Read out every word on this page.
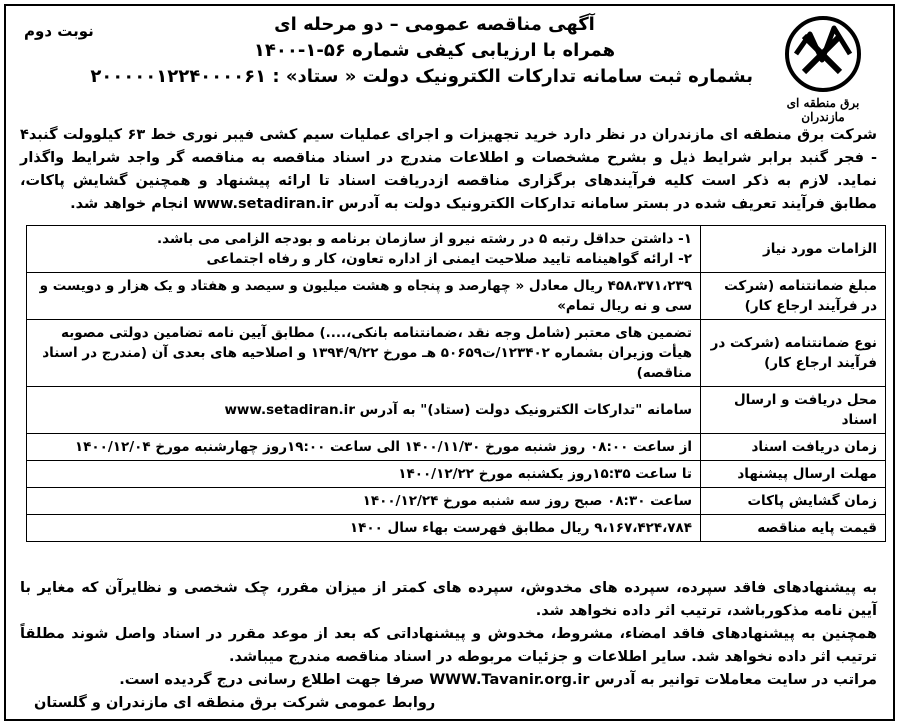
برق منطقه ای مازندران
نوبت دوم	آگهی مناقصه عمومی – دو مرحله ای
همراه با ارزیابی کیفی شماره ۵۶-۱-۱۴۰۰
بشماره ثبت سامانه تدارکات الکترونیک دولت « ستاد» : ۲۰۰۰۰۰۱۲۲۴۰۰۰۰۶۱
شرکت برق منطقه ای مازندران در نظر دارد خرید تجهیزات و اجرای عملیات سیم کشی فیبر نوری خط ۶۳ کیلوولت گنبد۴ - فجر گنبد برابر شرایط ذیل و بشرح مشخصات و اطلاعات مندرج در اسناد مناقصه به مناقصه گر واجد شرایط واگذار نماید. لازم به ذکر است کلیه فرآیندهای برگزاری مناقصه ازدریافت اسناد تا ارائه پیشنهاد و همچنین گشایش پاکات، مطابق فرآیند تعریف شده در بستر سامانه تدارکات الکترونیک دولت به آدرس www.setadiran.ir انجام خواهد شد.
الزامات مورد نیاز	۱- داشتن حداقل رتبه ۵ در رشته نیرو از سازمان برنامه و بودجه الزامی می باشد.
۲- ارائه گواهینامه تایید صلاحیت ایمنی از اداره تعاون، کار و رفاه اجتماعی

مبلغ ضمانتنامه (شرکت در فرآیند ارجاع کار)	۴۵۸،۳۷۱،۲۳۹ ریال معادل « چهارصد و پنجاه و هشت میلیون و سیصد و هفتاد و یک هزار و دویست و سی و نه ریال تمام»

نوع ضمانتنامه (شرکت در فرآیند ارجاع کار)	تضمین های معتبر (شامل وجه نقد ،ضمانتنامه بانکی،....) مطابق آیین نامه تضامین دولتی مصوبه هیأت وزیران بشماره ۱۲۳۴۰۲/ت۵۰۶۵۹ هـ مورخ ۱۳۹۴/۹/۲۲ و اصلاحیه های بعدی آن (مندرج در اسناد مناقصه)

محل دریافت و ارسال اسناد	سامانه "تدارکات الکترونیک دولت (ستاد)" به آدرس www.setadiran.ir

زمان دریافت اسناد	از ساعت ۰۸:۰۰ روز شنبه مورخ ۱۴۰۰/۱۱/۳۰ الی ساعت ۱۹:۰۰روز چهارشنبه مورخ ۱۴۰۰/۱۲/۰۴

مهلت ارسال پیشنهاد	تا ساعت ۱۵:۳۵روز یکشنبه مورخ ۱۴۰۰/۱۲/۲۲

زمان گشایش پاکات	ساعت ۰۸:۳۰ صبح روز سه شنبه مورخ ۱۴۰۰/۱۲/۲۴

قیمت پایه مناقصه	۹،۱۶۷،۴۲۴،۷۸۴ ریال مطابق فهرست بهاء سال ۱۴۰۰
به پیشنهادهای فاقد سپرده، سپرده های مخدوش، سپرده های کمتر از میزان مقرر، چک شخصی و نظایرآن که مغایر با آیین نامه مذکورباشد، ترتیب اثر داده نخواهد شد.
همچنین به پیشنهادهای فاقد امضاء، مشروط، مخدوش و پیشنهاداتی که بعد از موعد مقرر در اسناد واصل شوند مطلقاً ترتیب اثر داده نخواهد شد. سایر اطلاعات و جزئیات مربوطه در اسناد مناقصه مندرج میباشد.
مراتب در سایت معاملات توانیر به آدرس WWW.Tavanir.org.ir صرفا جهت اطلاع رسانی درج گردیده است.
روابط عمومی شرکت برق منطقه ای مازندران و گلستان
